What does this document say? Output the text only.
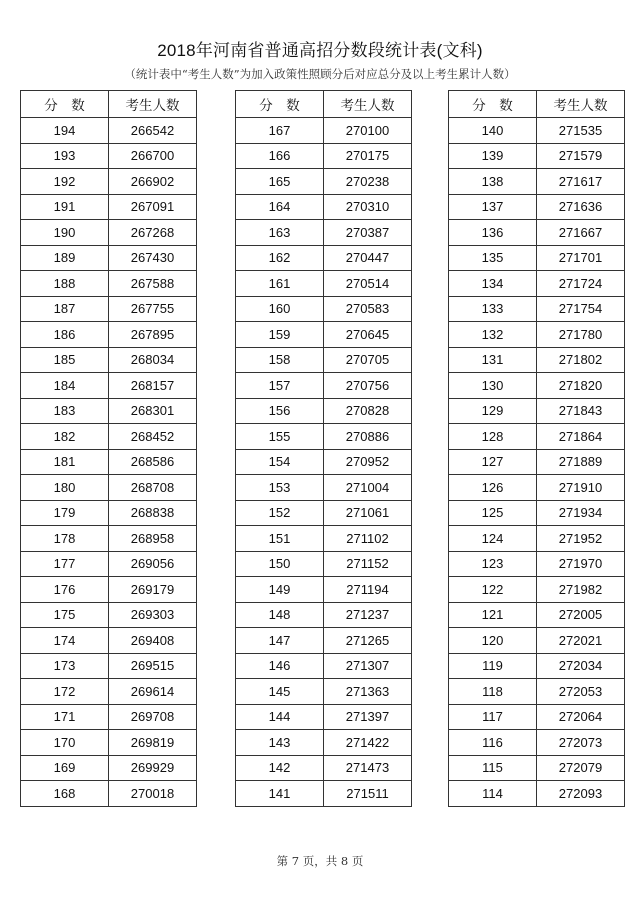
2018年河南省普通高招分数段统计表(文科)
（统计表中“考生人数”为加入政策性照顾分后对应总分及以上考生累计人数）
分　数	考生人数
194	266542
193	266700
192	266902
191	267091
190	267268
189	267430
188	267588
187	267755
186	267895
185	268034
184	268157
183	268301
182	268452
181	268586
180	268708
179	268838
178	268958
177	269056
176	269179
175	269303
174	269408
173	269515
172	269614
171	269708
170	269819
169	269929
168	270018
分　数	考生人数
167	270100
166	270175
165	270238
164	270310
163	270387
162	270447
161	270514
160	270583
159	270645
158	270705
157	270756
156	270828
155	270886
154	270952
153	271004
152	271061
151	271102
150	271152
149	271194
148	271237
147	271265
146	271307
145	271363
144	271397
143	271422
142	271473
141	271511
分　数	考生人数
140	271535
139	271579
138	271617
137	271636
136	271667
135	271701
134	271724
133	271754
132	271780
131	271802
130	271820
129	271843
128	271864
127	271889
126	271910
125	271934
124	271952
123	271970
122	271982
121	272005
120	272021
119	272034
118	272053
117	272064
116	272073
115	272079
114	272093
第 7 页，共 8 页
